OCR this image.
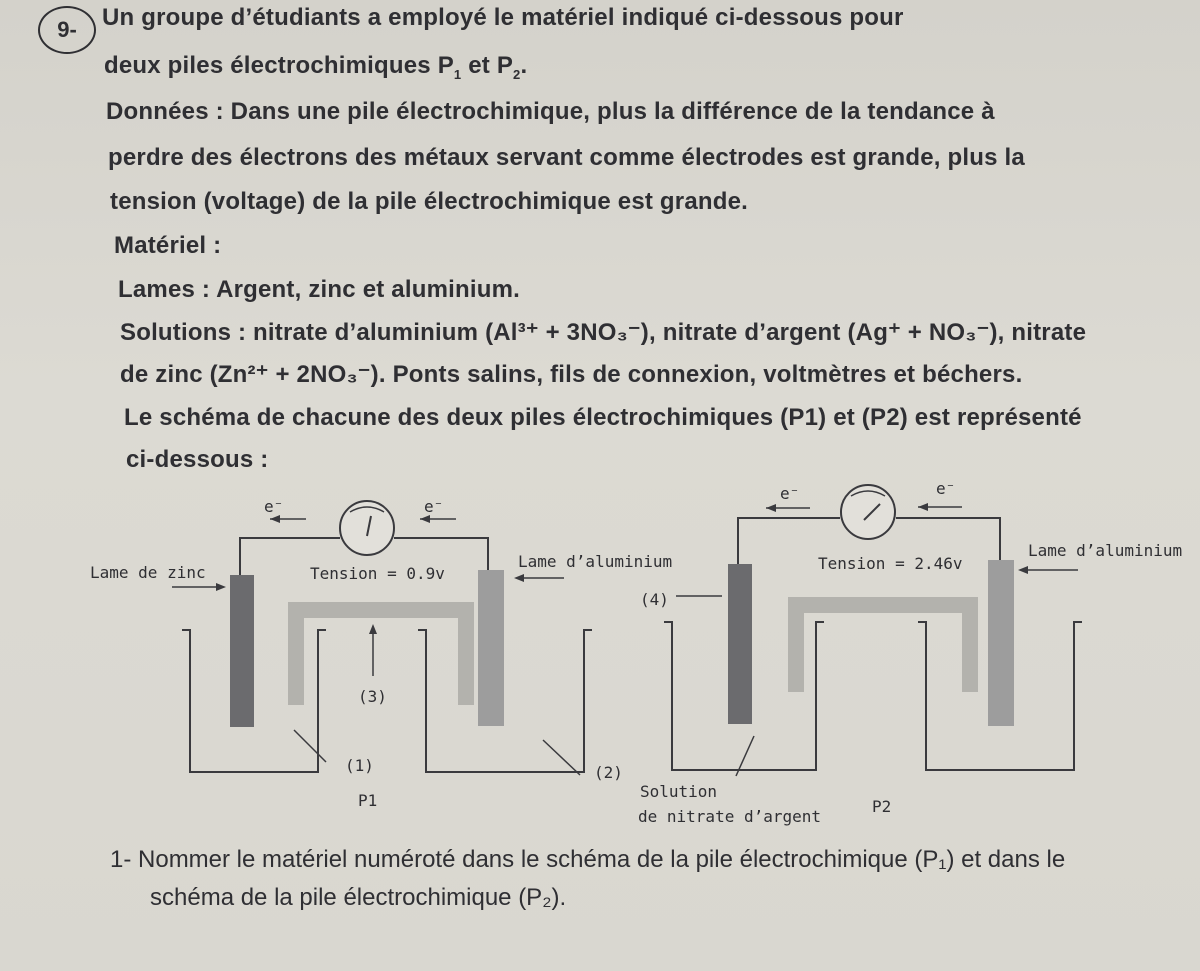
9-	Un groupe d’étudiants a employé le matériel indiqué ci-dessous pour
deux piles électrochimiques $P_1$ et $P_2$.
Données : Dans une pile électrochimique, plus la différence de la tendance à
perdre des électrons des métaux servant comme électrodes est grande, plus la
tension (voltage) de la pile électrochimique est grande.
Matériel :
Lames : Argent, zinc et aluminium.
Solutions : nitrate d’aluminium (Al³⁺ + 3NO₃⁻), nitrate d’argent (Ag⁺ + NO₃⁻), nitrate
de zinc (Zn²⁺ + 2NO₃⁻). Ponts salins, fils de connexion, voltmètres et béchers.
Le schéma de chacune des deux piles électrochimiques (P1) et (P2) est représenté
ci-dessous :
e⁻	e⁻
Lame de zinc	Tension = 0.9v
Lame d’aluminium
(3)
(1)	(2)
P1
e⁻	e⁻
Tension = 2.46v
Lame d’aluminium
(4)
Solution
de nitrate d’argent
P2
1- Nommer le matériel numéroté dans le schéma de la pile électrochimique (P₁) et dans le
schéma de la pile électrochimique (P₂).
